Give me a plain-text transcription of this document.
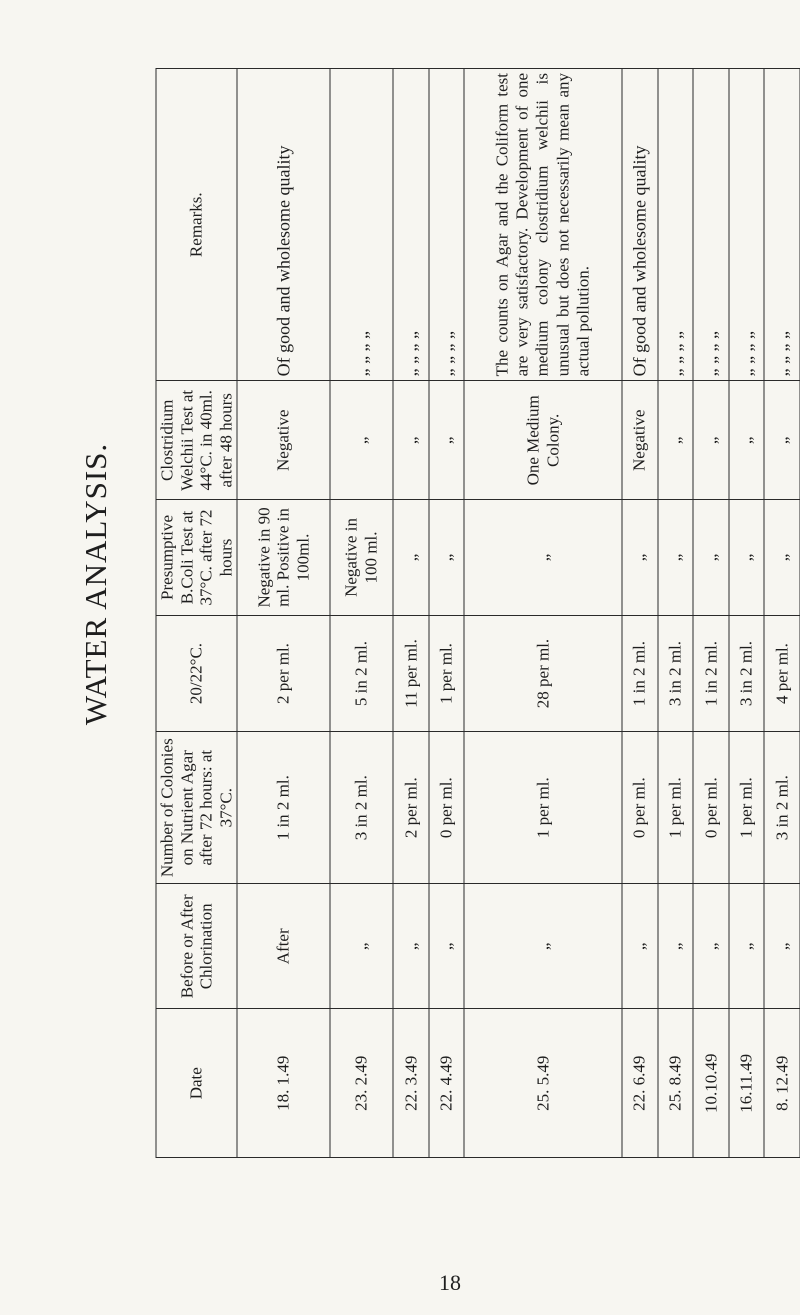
WATER ANALYSIS.
Date	Before or After Chlorination	Number of Colonies on Nutrient Agar after 72 hours: at 37°C.	20/22°C.	Presumptive B.Coli Test at 37°C. after 72 hours	Clostridium Welchii Test at 44°C. in 40ml. after 48 hours	Remarks.
18. 1.49	After	1 in 2 ml.	2 per ml.	Negative in 90 ml. Positive in 100ml.	Negative	Of good and wholesome quality
23. 2.49	„	3 in 2 ml.	5 in 2 ml.	Negative in 100 ml.	„	„ „ „ „
22. 3.49	„	2 per ml.	11 per ml.	„	„	„ „ „ „
22. 4.49	„	0 per ml.	1 per ml.	„	„	„ „ „ „
25. 5.49	„	1 per ml.	28 per ml.	„	One Medium Colony.	The counts on Agar and the Coliform test are very satisfactory. Development of one medium colony clostridium welchii is unusual but does not necessarily mean any actual pollution.
22. 6.49	„	0 per ml.	1 in 2 ml.	„	Negative	Of good and wholesome quality
25. 8.49	„	1 per ml.	3 in 2 ml.	„	„	„ „ „ „
10.10.49	„	0 per ml.	1 in 2 ml.	„	„	„ „ „ „
16.11.49	„	1 per ml.	3 in 2 ml.	„	„	„ „ „ „
8. 12.49	„	3 in 2 ml.	4 per ml.	„	„	„ „ „ „
18
